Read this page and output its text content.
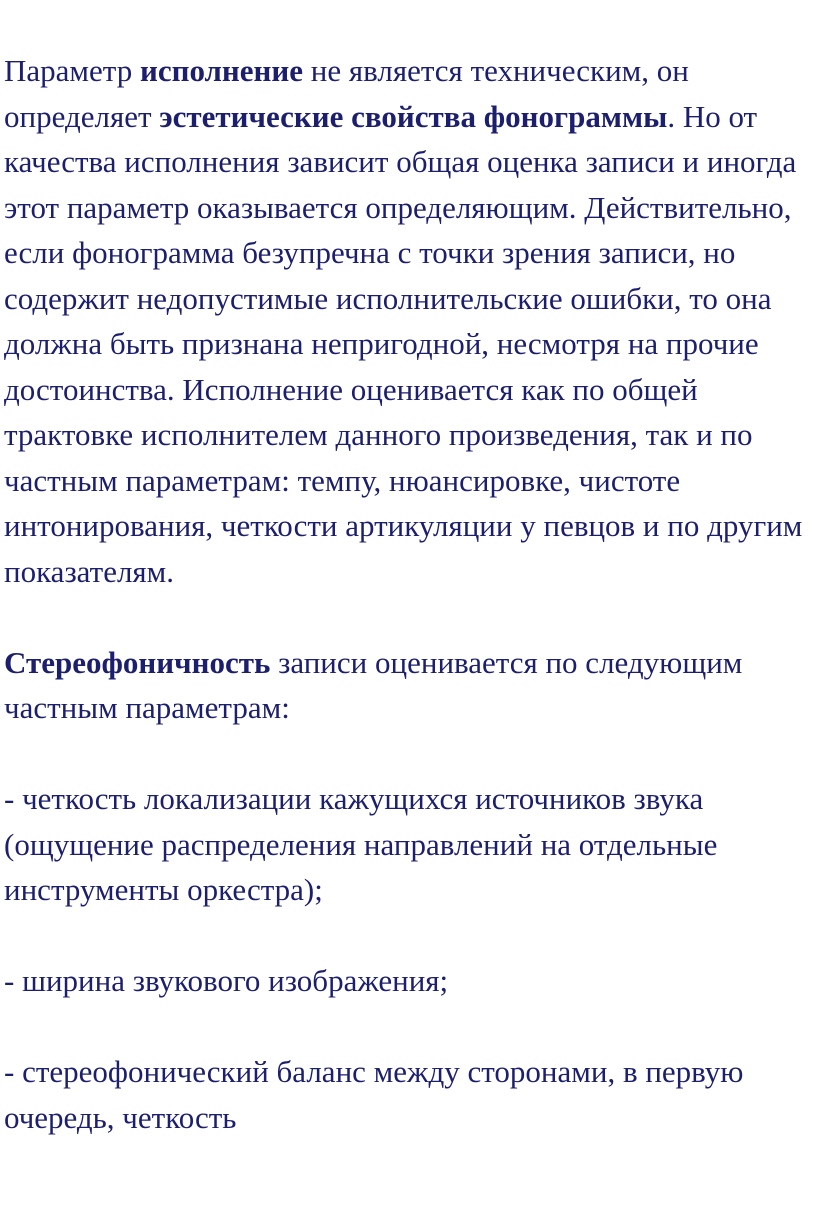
Параметр исполнение не является техническим, он определяет эстетические свойства фонограммы. Но от качества исполнения зависит общая оценка записи и иногда этот параметр оказывается определяющим. Действительно, если фонограмма безупречна с точки зрения записи, но содержит недопустимые исполнительские ошибки, то она должна быть признана непригодной, несмотря на прочие достоинства. Исполнение оценивается как по общей трактовке исполнителем данного произведения, так и по частным параметрам: темпу, нюансировке, чистоте интонирования, четкости артикуляции у певцов и по другим показателям.

Стереофоничность записи оценивается по следующим частным параметрам:

- четкость локализации кажущихся источников звука (ощущение распределения направлений на отдельные инструменты оркестра);

- ширина звукового изображения;

- стереофонический баланс между сторонами, в первую очередь, четкость
